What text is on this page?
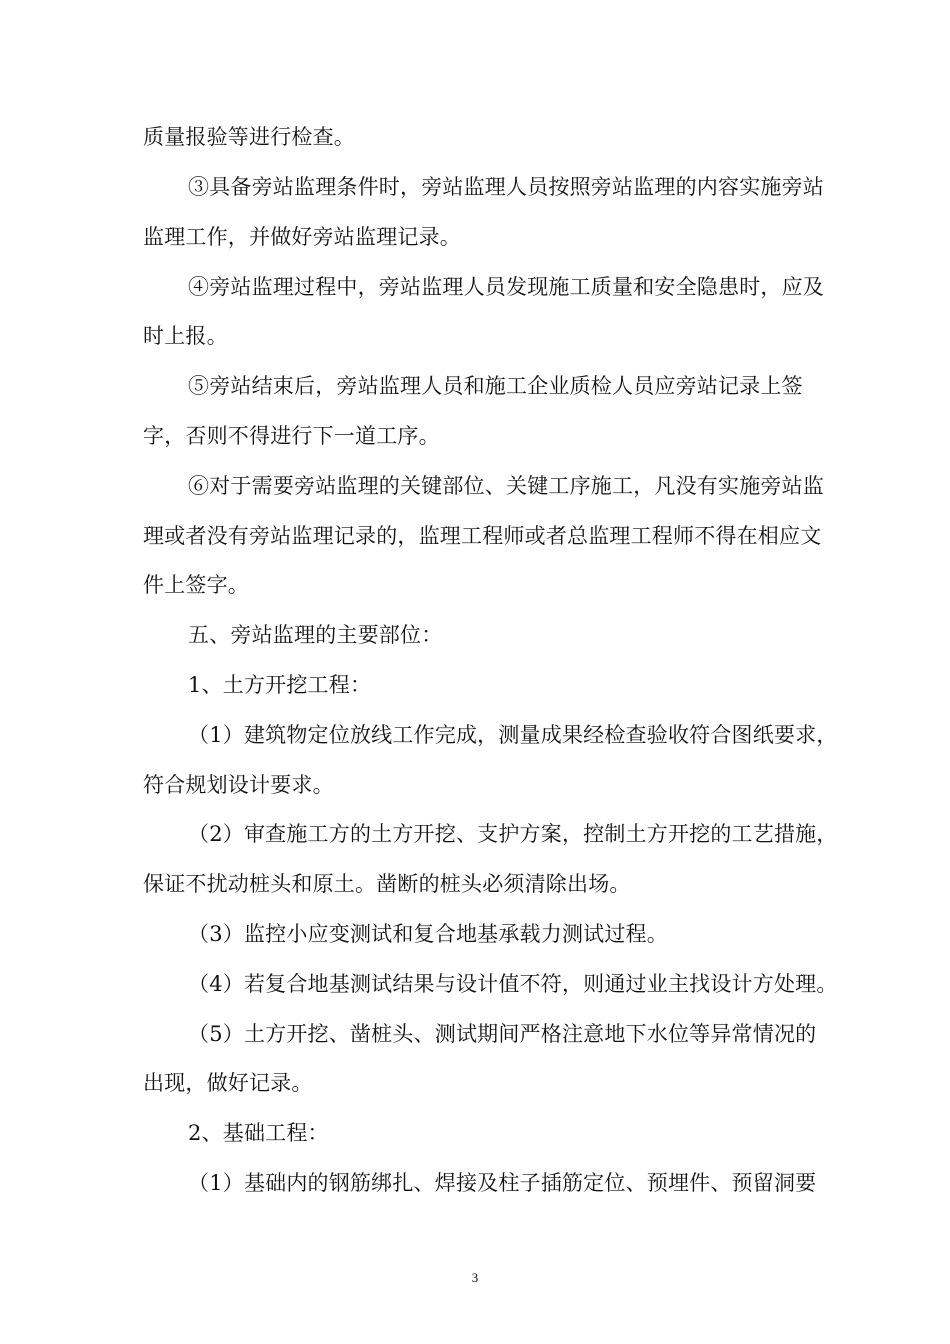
质量报验等进行检查。
③具备旁站监理条件时，旁站监理人员按照旁站监理的内容实施旁站
监理工作，并做好旁站监理记录。
④旁站监理过程中，旁站监理人员发现施工质量和安全隐患时，应及
时上报。
⑤旁站结束后，旁站监理人员和施工企业质检人员应旁站记录上签
字，否则不得进行下一道工序。
⑥对于需要旁站监理的关键部位、关键工序施工，凡没有实施旁站监
理或者没有旁站监理记录的，监理工程师或者总监理工程师不得在相应文
件上签字。
五、旁站监理的主要部位：
1、土方开挖工程：
（1）建筑物定位放线工作完成，测量成果经检查验收符合图纸要求，
符合规划设计要求。
（2）审查施工方的土方开挖、支护方案，控制土方开挖的工艺措施，
保证不扰动桩头和原土。凿断的桩头必须清除出场。
（3）监控小应变测试和复合地基承载力测试过程。
（4）若复合地基测试结果与设计值不符，则通过业主找设计方处理。
（5）土方开挖、凿桩头、测试期间严格注意地下水位等异常情况的
出现，做好记录。
2、基础工程：
（1）基础内的钢筋绑扎、焊接及柱子插筋定位、预埋件、预留洞要
3
